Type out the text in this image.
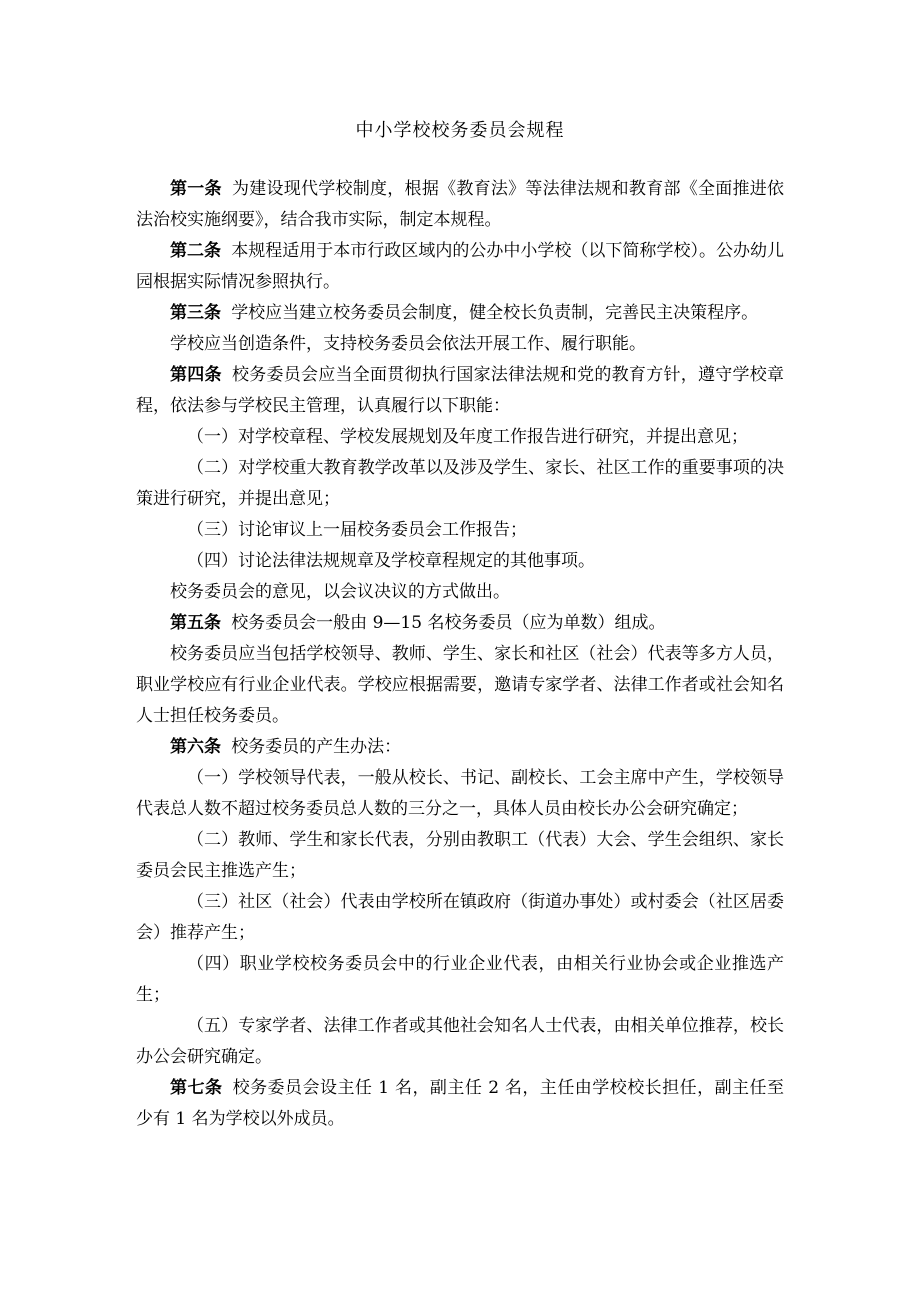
中小学校校务委员会规程

第一条 为建设现代学校制度，根据《教育法》等法律法规和教育部《全面推进依法治校实施纲要》，结合我市实际，制定本规程。

第二条 本规程适用于本市行政区域内的公办中小学校（以下简称学校）。公办幼儿园根据实际情况参照执行。

第三条 学校应当建立校务委员会制度，健全校长负责制，完善民主决策程序。

学校应当创造条件，支持校务委员会依法开展工作、履行职能。

第四条 校务委员会应当全面贯彻执行国家法律法规和党的教育方针，遵守学校章程，依法参与学校民主管理，认真履行以下职能：

（一）对学校章程、学校发展规划及年度工作报告进行研究，并提出意见；

（二）对学校重大教育教学改革以及涉及学生、家长、社区工作的重要事项的决策进行研究，并提出意见；

（三）讨论审议上一届校务委员会工作报告；

（四）讨论法律法规规章及学校章程规定的其他事项。

校务委员会的意见，以会议决议的方式做出。

第五条 校务委员会一般由 9—15 名校务委员（应为单数）组成。

校务委员应当包括学校领导、教师、学生、家长和社区（社会）代表等多方人员，职业学校应有行业企业代表。学校应根据需要，邀请专家学者、法律工作者或社会知名人士担任校务委员。

第六条 校务委员的产生办法：

（一）学校领导代表，一般从校长、书记、副校长、工会主席中产生，学校领导代表总人数不超过校务委员总人数的三分之一，具体人员由校长办公会研究确定；

（二）教师、学生和家长代表，分别由教职工（代表）大会、学生会组织、家长委员会民主推选产生；

（三）社区（社会）代表由学校所在镇政府（街道办事处）或村委会（社区居委会）推荐产生；

（四）职业学校校务委员会中的行业企业代表，由相关行业协会或企业推选产生；

（五）专家学者、法律工作者或其他社会知名人士代表，由相关单位推荐，校长办公会研究确定。

第七条 校务委员会设主任 1 名，副主任 2 名，主任由学校校长担任，副主任至少有 1 名为学校以外成员。
